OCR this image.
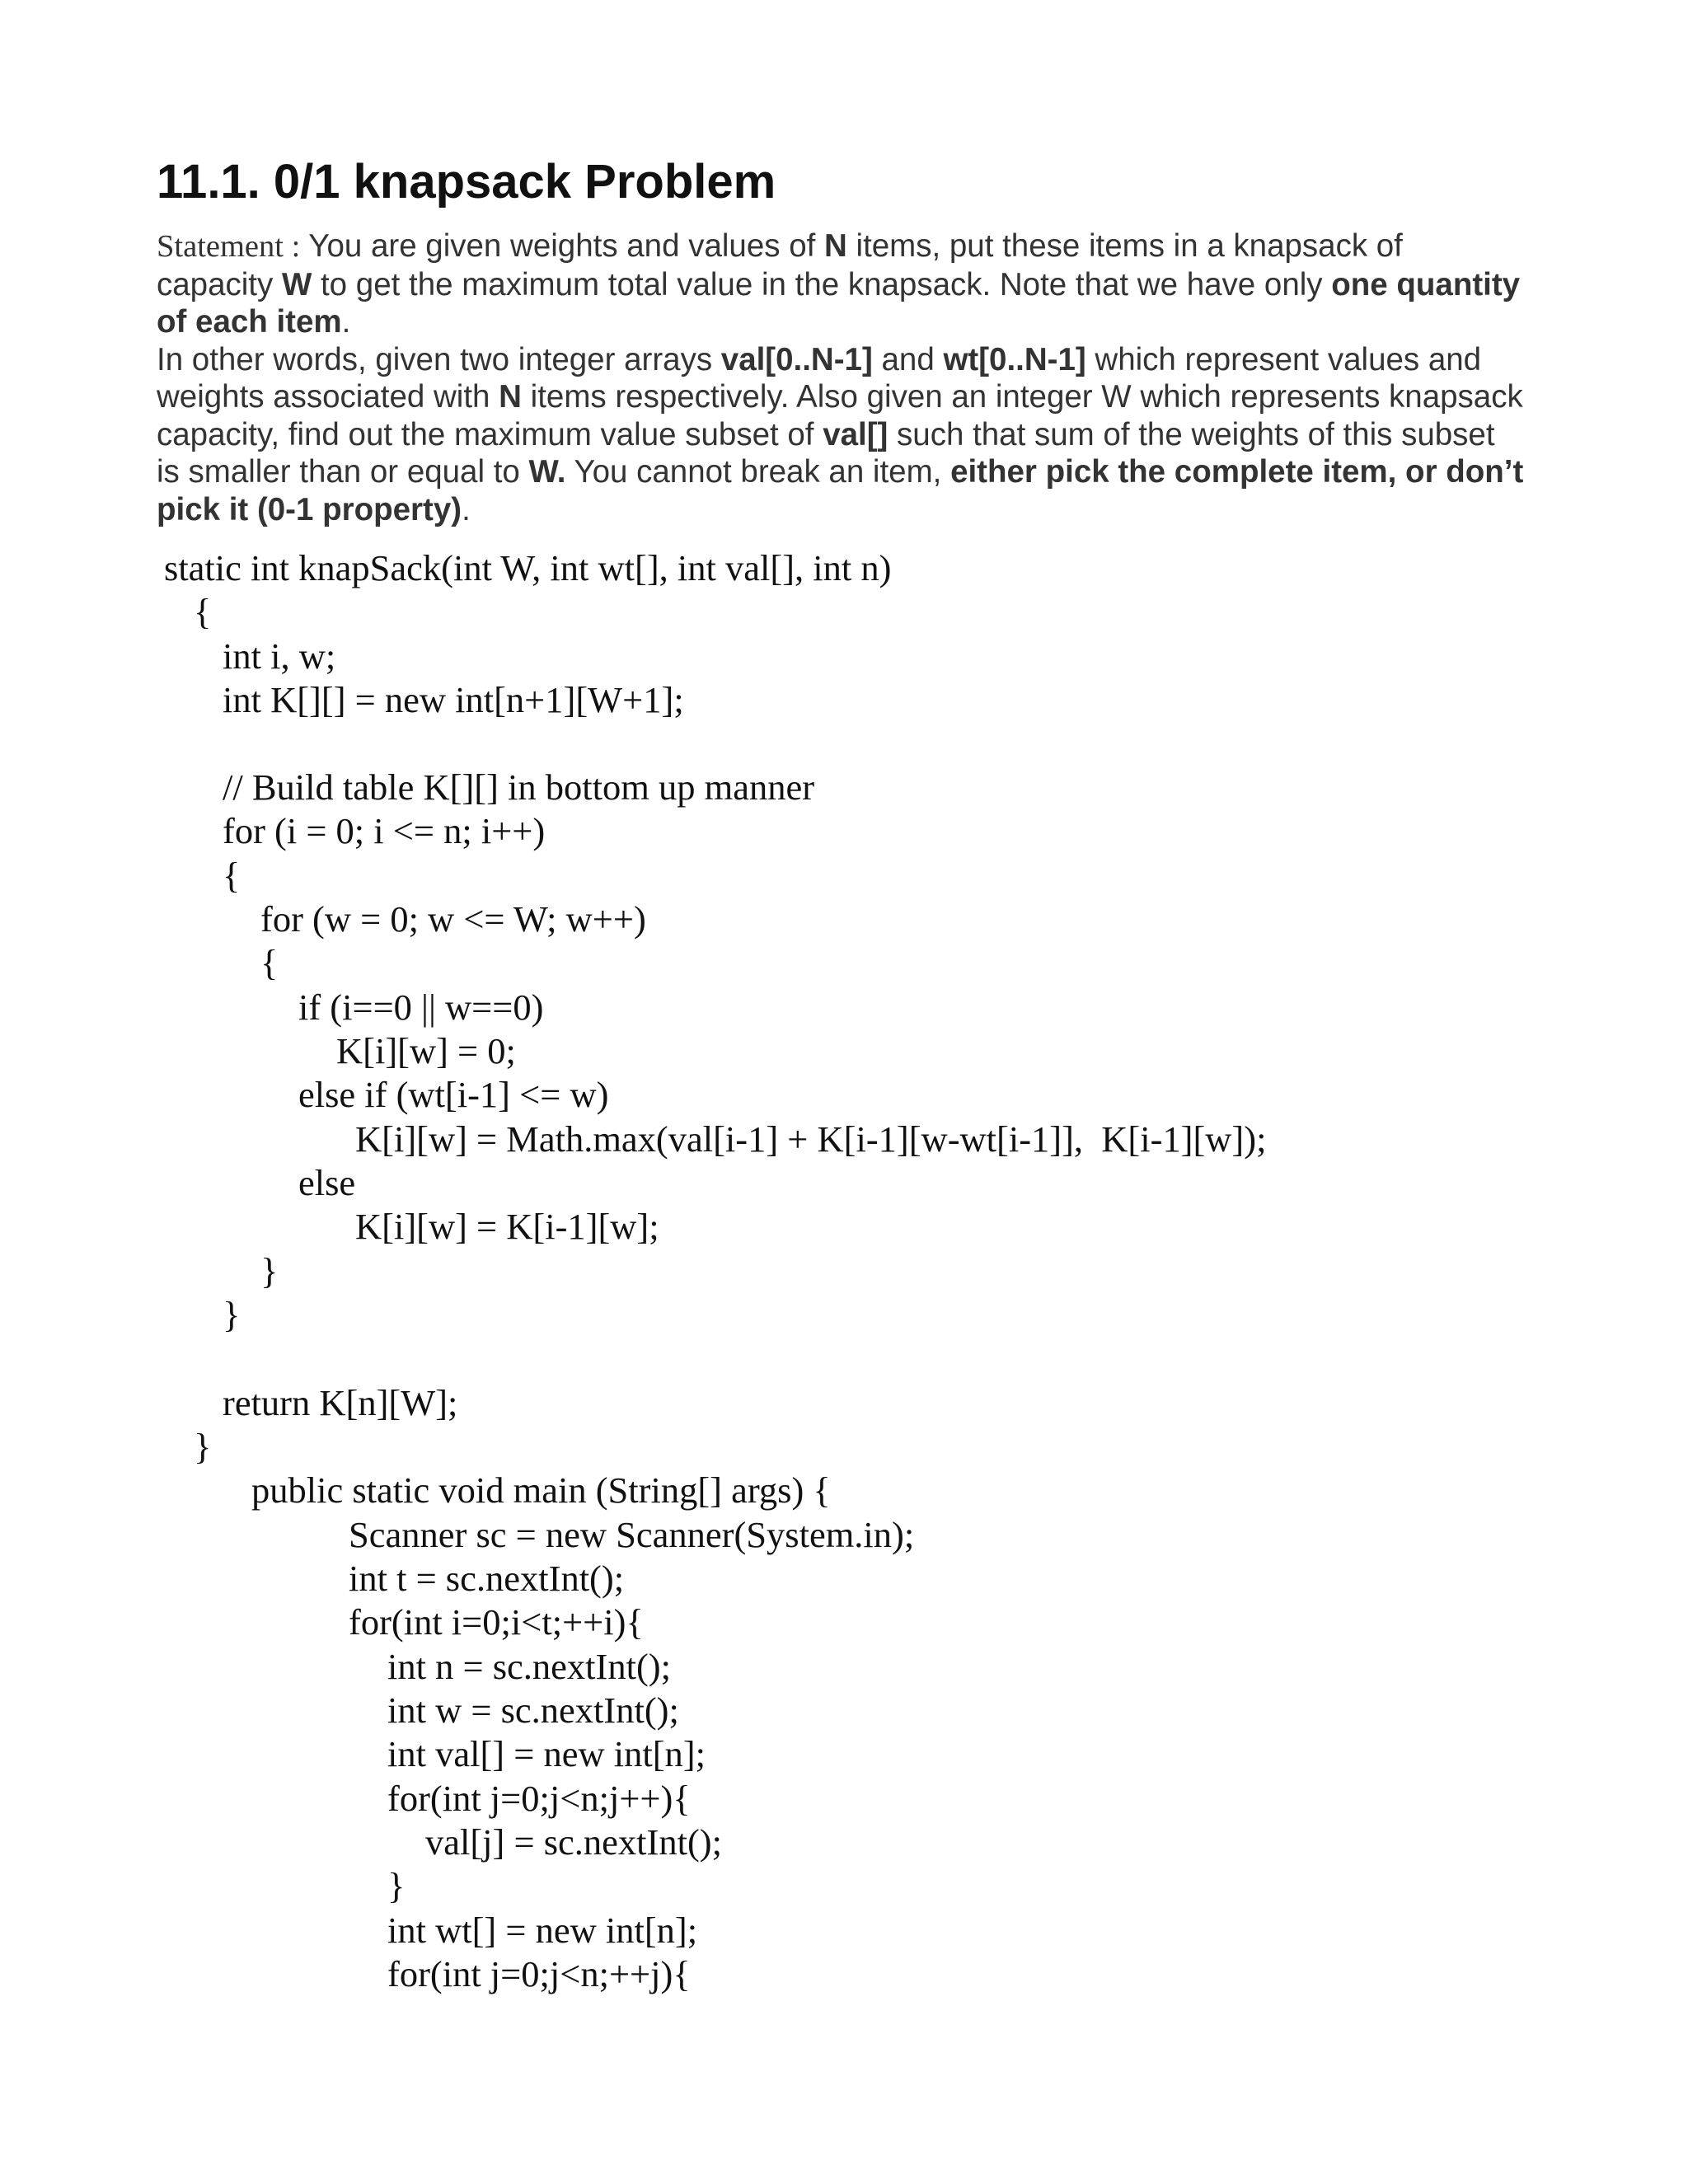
11.1. 0/1 knapsack Problem

Statement : You are given weights and values of N items, put these items in a knapsack of capacity W to get the maximum total value in the knapsack. Note that we have only one quantity of each item.

In other words, given two integer arrays val[0..N-1] and wt[0..N-1] which represent values and weights associated with N items respectively. Also given an integer W which represents knapsack capacity, find out the maximum value subset of val[] such that sum of the weights of this subset is smaller than or equal to W. You cannot break an item, either pick the complete item, or don’t pick it (0-1 property).

static int knapSack(int W, int wt[], int val[], int n)
{
int i, w;
int K[][] = new int[n+1][W+1];
// Build table K[][] in bottom up manner
for (i = 0; i <= n; i++)
{
for (w = 0; w <= W; w++)
{
if (i==0 || w==0)
K[i][w] = 0;
else if (wt[i-1] <= w)
K[i][w] = Math.max(val[i-1] + K[i-1][w-wt[i-1]],  K[i-1][w]);
else
K[i][w] = K[i-1][w];
}
}
return K[n][W];
}
public static void main (String[] args) {
Scanner sc = new Scanner(System.in);
int t = sc.nextInt();
for(int i=0;i<t;++i){
int n = sc.nextInt();
int w = sc.nextInt();
int val[] = new int[n];
for(int j=0;j<n;j++){
val[j] = sc.nextInt();
}
int wt[] = new int[n];
for(int j=0;j<n;++j){
